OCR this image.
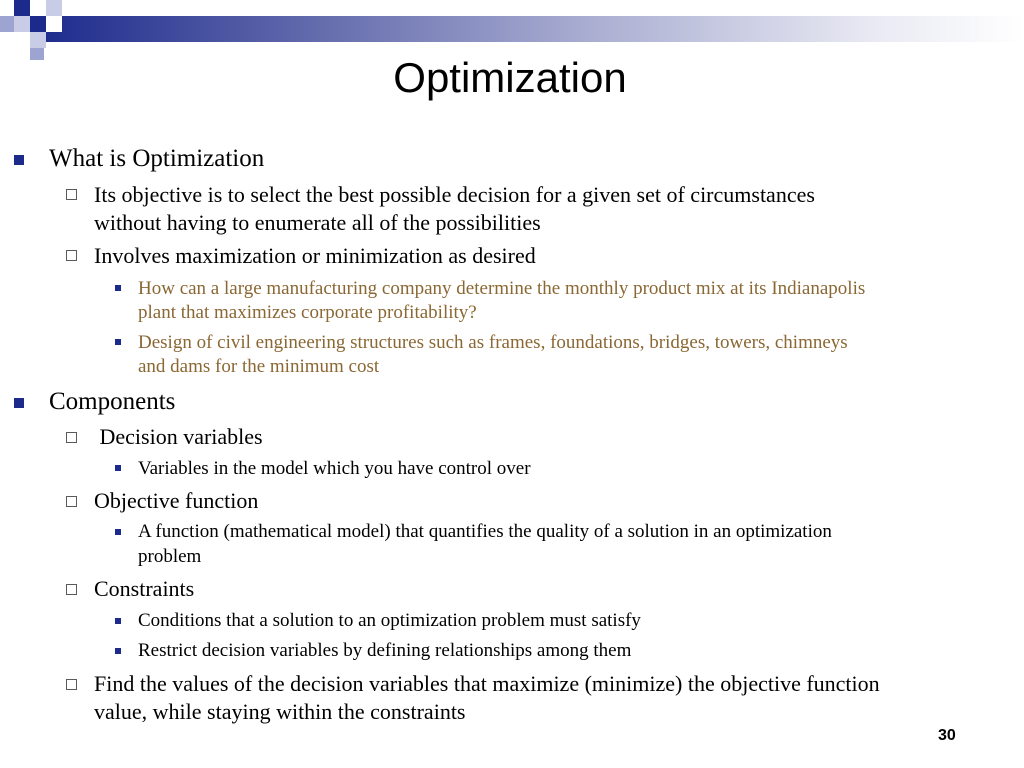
Optimization
What is Optimization
Its objective is to select the best possible decision for a given set of circumstances
without having to enumerate all of the possibilities
Involves maximization or minimization as desired
How can a large manufacturing company determine the monthly product mix at its Indianapolis
plant that maximizes corporate profitability?
Design of civil engineering structures such as frames, foundations, bridges, towers, chimneys
and dams for the minimum cost
Components
Decision variables
Variables in the model which you have control over
Objective function
A function (mathematical model) that quantifies the quality of a solution in an optimization
problem
Constraints
Conditions that a solution to an optimization problem must satisfy
Restrict decision variables by defining relationships among them
Find the values of the decision variables that maximize (minimize) the objective function
value, while staying within the constraints
30
